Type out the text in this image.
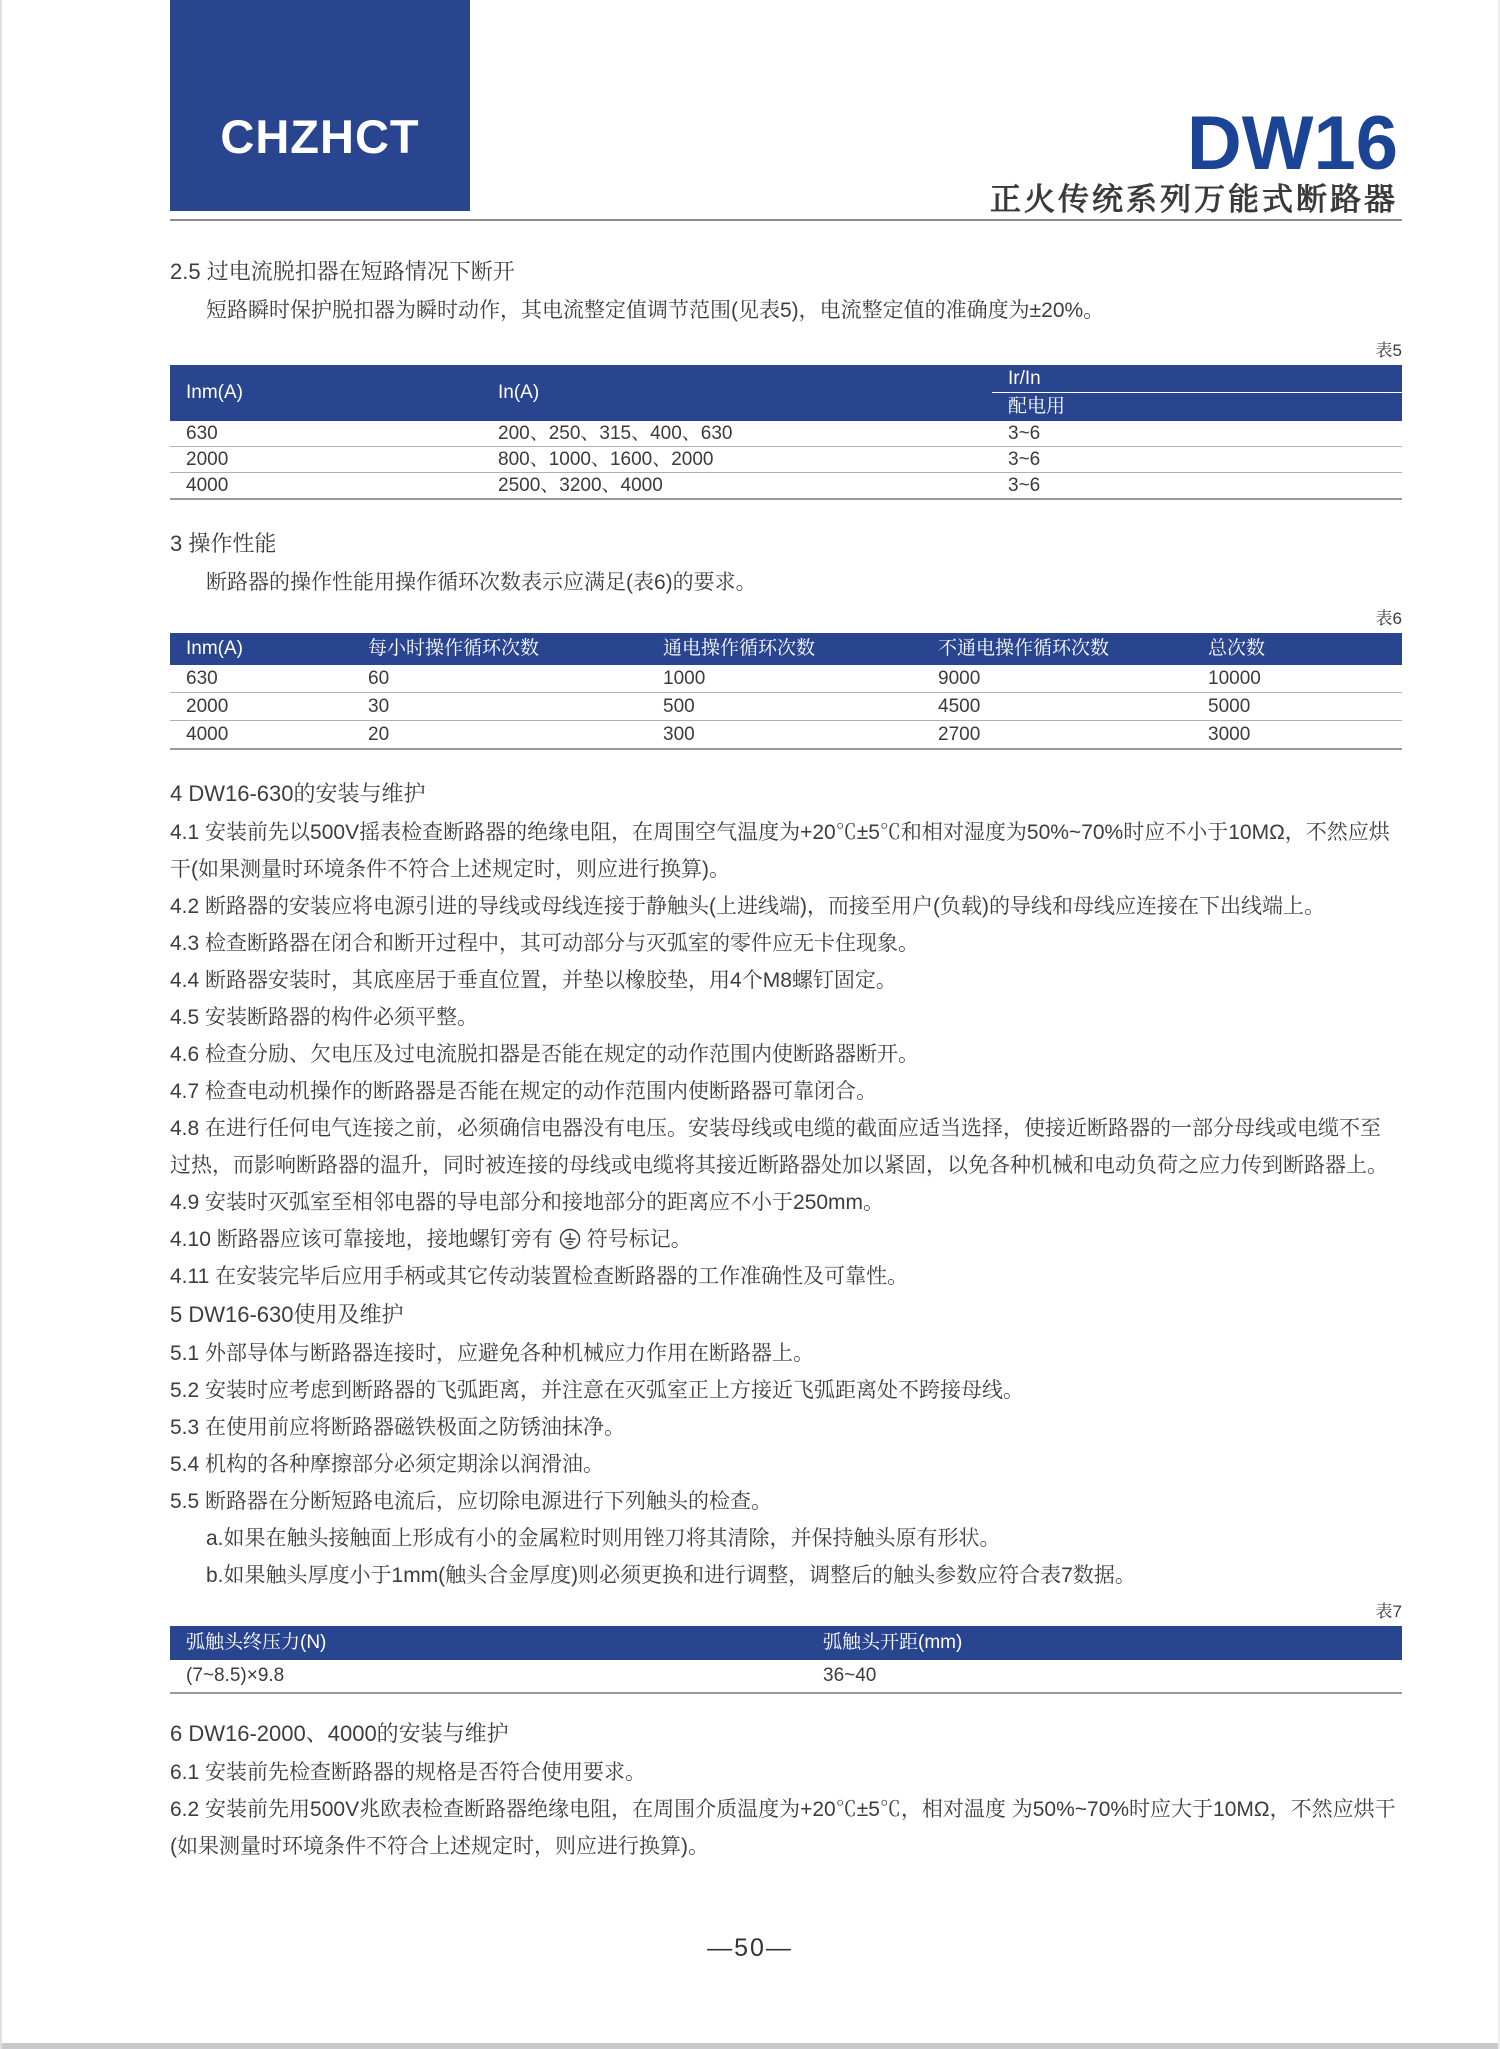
CHZHCT	DW16
正火传统系列万能式断路器

2.5 过电流脱扣器在短路情况下断开

短路瞬时保护脱扣器为瞬时动作，其电流整定值调节范围(见表5)，电流整定值的准确度为±20%。

表5
Inm(A)	In(A)
Ir/In
配电用
630	200、250、315、400、630	3~6
2000	800、1000、1600、2000	3~6
4000	2500、3200、4000	3~6

3 操作性能

断路器的操作性能用操作循环次数表示应满足(表6)的要求。

表6
Inm(A)	每小时操作循环次数	通电操作循环次数	不通电操作循环次数	总次数
630	60	1000	9000	10000
2000	30	500	4500	5000
4000	20	300	2700	3000

4 DW16-630的安装与维护

4.1 安装前先以500V摇表检查断路器的绝缘电阻，在周围空气温度为+20℃±5℃和相对湿度为50%~70%时应不小于10MΩ，不然应烘干(如果测量时环境条件不符合上述规定时，则应进行换算)。

4.2 断路器的安装应将电源引进的导线或母线连接于静触头(上进线端)，而接至用户(负载)的导线和母线应连接在下出线端上。

4.3 检查断路器在闭合和断开过程中，其可动部分与灭弧室的零件应无卡住现象。

4.4 断路器安装时，其底座居于垂直位置，并垫以橡胶垫，用4个M8螺钉固定。

4.5 安装断路器的构件必须平整。

4.6 检查分励、欠电压及过电流脱扣器是否能在规定的动作范围内使断路器断开。

4.7 检查电动机操作的断路器是否能在规定的动作范围内使断路器可靠闭合。

4.8 在进行任何电气连接之前，必须确信电器没有电压。安装母线或电缆的截面应适当选择，使接近断路器的一部分母线或电缆不至过热，而影响断路器的温升，同时被连接的母线或电缆将其接近断路器处加以紧固，以免各种机械和电动负荷之应力传到断路器上。

4.9 安装时灭弧室至相邻电器的导电部分和接地部分的距离应不小于250mm。

4.10 断路器应该可靠接地，接地螺钉旁有 符号标记。

4.11 在安装完毕后应用手柄或其它传动装置检查断路器的工作准确性及可靠性。

5 DW16-630使用及维护

5.1 外部导体与断路器连接时，应避免各种机械应力作用在断路器上。

5.2 安装时应考虑到断路器的飞弧距离，并注意在灭弧室正上方接近飞弧距离处不跨接母线。

5.3 在使用前应将断路器磁铁极面之防锈油抹净。

5.4 机构的各种摩擦部分必须定期涂以润滑油。

5.5 断路器在分断短路电流后，应切除电源进行下列触头的检查。

a.如果在触头接触面上形成有小的金属粒时则用锉刀将其清除，并保持触头原有形状。

b.如果触头厚度小于1mm(触头合金厚度)则必须更换和进行调整，调整后的触头参数应符合表7数据。

表7
弧触头终压力(N)	弧触头开距(mm)
(7~8.5)×9.8	36~40

6 DW16-2000、4000的安装与维护

6.1 安装前先检查断路器的规格是否符合使用要求。

6.2 安装前先用500V兆欧表检查断路器绝缘电阻，在周围介质温度为+20℃±5℃，相对温度 为50%~70%时应大于10MΩ，不然应烘干(如果测量时环境条件不符合上述规定时，则应进行换算)。

—50—
